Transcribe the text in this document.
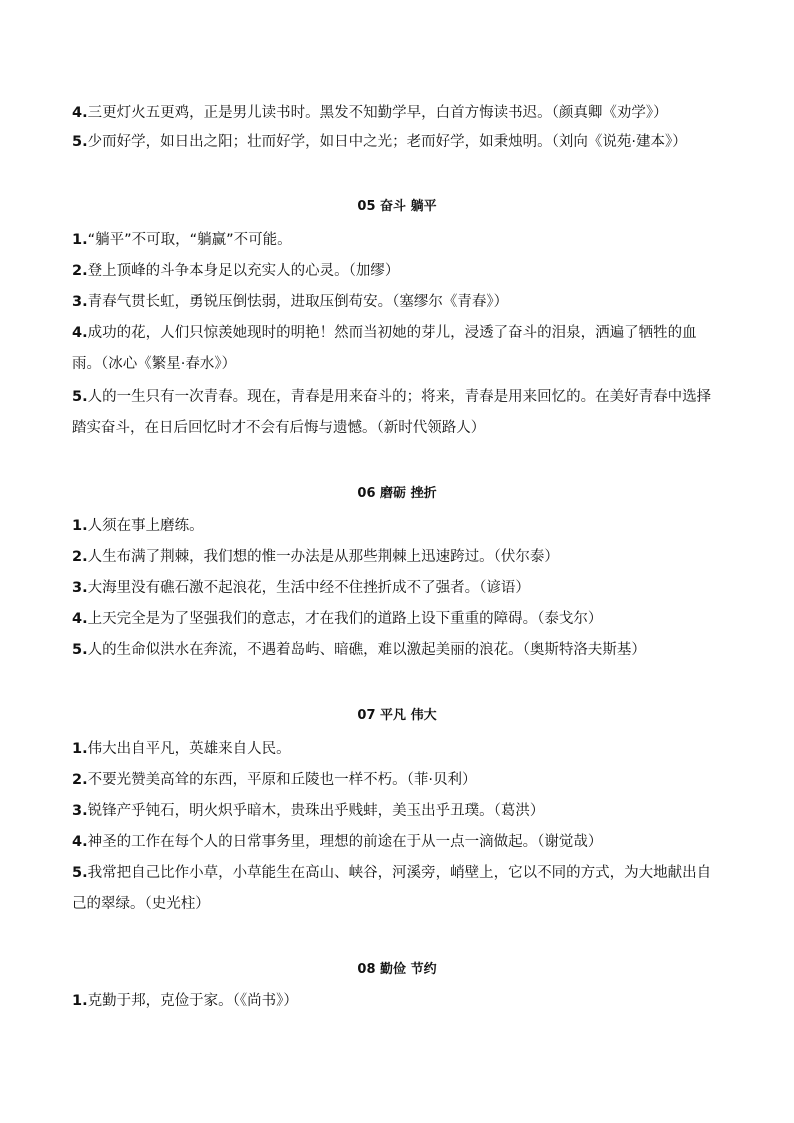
4.三更灯火五更鸡，正是男儿读书时。黑发不知勤学早，白首方悔读书迟。（颜真卿《劝学》）

5.少而好学，如日出之阳；壮而好学，如日中之光；老而好学，如秉烛明。（刘向《说苑·建本》）

05 奋斗 躺平

1.“躺平”不可取，“躺赢”不可能。

2.登上顶峰的斗争本身足以充实人的心灵。（加缪）

3.青春气贯长虹，勇锐压倒怯弱，进取压倒苟安。（塞缪尔《青春》）

4.成功的花，人们只惊羡她现时的明艳！然而当初她的芽儿，浸透了奋斗的泪泉，洒遍了牺牲的血雨。（冰心《繁星·春水》）

5.人的一生只有一次青春。现在，青春是用来奋斗的；将来，青春是用来回忆的。在美好青春中选择踏实奋斗，在日后回忆时才不会有后悔与遗憾。（新时代领路人）

06 磨砺 挫折

1.人须在事上磨练。

2.人生布满了荆棘，我们想的惟一办法是从那些荆棘上迅速跨过。（伏尔泰）

3.大海里没有礁石激不起浪花，生活中经不住挫折成不了强者。（谚语）

4.上天完全是为了坚强我们的意志，才在我们的道路上设下重重的障碍。（泰戈尔）

5.人的生命似洪水在奔流，不遇着岛屿、暗礁，难以激起美丽的浪花。（奥斯特洛夫斯基）

07 平凡 伟大

1.伟大出自平凡，英雄来自人民。

2.不要光赞美高耸的东西，平原和丘陵也一样不朽。（菲·贝利）

3.锐锋产乎钝石，明火炽乎暗木，贵珠出乎贱蚌，美玉出乎丑璞。（葛洪）

4.神圣的工作在每个人的日常事务里，理想的前途在于从一点一滴做起。（谢觉哉）

5.我常把自己比作小草，小草能生在高山、峡谷，河溪旁，峭壁上，它以不同的方式，为大地献出自己的翠绿。（史光柱）

08 勤俭 节约

1.克勤于邦，克俭于家。（《尚书》）
